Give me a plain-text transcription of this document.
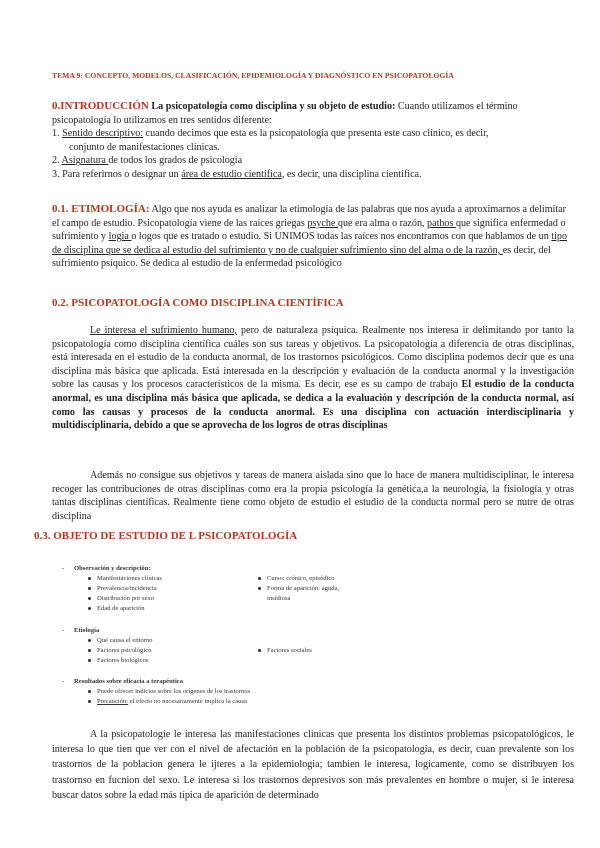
TEMA 9: CONCEPTO, MODELOS, CLASIFICACIÓN, EPIDEMIOLOGÍA Y DIAGNÓSTICO EN PSICOPATOLOGÍA
0.INTRODUCCIÓN La psicopatología como disciplina y su objeto de estudio: Cuando utilizamos el término
psicopatología lo utilizamos en tres sentidos diferente:
1. Sentido descriptivo: cuando decimos que esta es la psicopatología que presenta este caso clínico, es decir,
conjunto de manifestaciones clínicas.
2. Asignatura de todos los grados de psicología
3. Para referirnos o designar un área de estudio científica, es decir, una disciplina científica.
0.1. ETIMOLOGÍA: Algo que nos ayuda es analizar la etimología de las palabras que nos ayuda a aproximarnos a delimitar el campo de estudio. Psicopatología viene de las raíces griegas psyche que era alma o razón, pathos que significa enfermedad o sufrimiento y logia o logos que es tratado o estudio. Si UNIMOS todas las raíces nos encontramos con que hablamos de un tipo de disciplina que se dedica al estudio del sufrimiento y no de cualquier sufrimiento sino del alma o de la razón, es decir, del sufrimiento psíquico. Se dedica al estudio de la enfermedad psicológico
0.2. PSICOPATOLOGÍA COMO DISCIPLINA CIENTÍFICA
Le interesa el sufrimiento humano, pero de naturaleza psíquica. Realmente nos interesa ir delimitando por tanto la psicopatología como disciplina científica cuáles son sus tareas y objetivos. La psicopatología a diferencia de otras disciplinas, está interesada en el estudio de la conducta anormal, de los trastornos psicológicos. Como disciplina podemos decir que es una disciplina más básica que aplicada. Está interesada en la descripción y evaluación de la conducta anormal y la investigación sobre las causas y los procesos característicos de la misma. Es decir, ese es su campo de trabajo El estudio de la conducta anormal, es una disciplina más básica que aplicada, se dedica a la evaluación y descripción de la conducta normal, así como las causas y procesos de la conducta anormal. Es una disciplina con actuación interdisciplinaria y multidisciplinaria, debido a que se aprovecha de los logros de otras disciplinas
Además no consigue sus objetivos y tareas de manera aislada sino que lo hace de manera multidisciplinar, le interesa recoger las contribuciones de otras disciplinas como era la propia psicología la genética,a la neurología, la fisiología y otras tantas disciplinas científicas. Realmente tiene como objeto de estudio el estudio de la conducta normal pero se nutre de otras disciplina
0.3. OBJETO DE ESTUDIO DE L PSICOPATOLOGÍA
- Observación y descripción:
Manifestaciones clínicas
Prevalencia/incidencia
Distribución por sexo
Edad de aparición
Curso: crónico, episódico
Forma de aparición: aguda,
insidiosa
- Etiología
Qué causa el entorno
Factores psicológico
Factores biológicos
Factores sociales
- Resultados sobre eficacia a terapéutica
Puede ofrecer indicios sobre los orígenes de los trastornos
Precaución: el efecto no necesariamente implica la causa
A la psicopatologíe le interesa las manifestaciones clinicas que presenta los distintos problemas psicopatológicos, le interesa lo que tien que ver con el nivel de afectación en la población de la psicopatologia, es decir, cuan prevalente son los trastornos de la poblacion genera le ijteres a la epidemiologia; tambien le interesa, logicamente, como se distribuyen los trastornso en fucnion del sexo. Le interesa si los trastornos depresivos son más prevalentes en hombre o mujer, si le interesa buscar datos sobre la edad más típica de aparición de determinado
